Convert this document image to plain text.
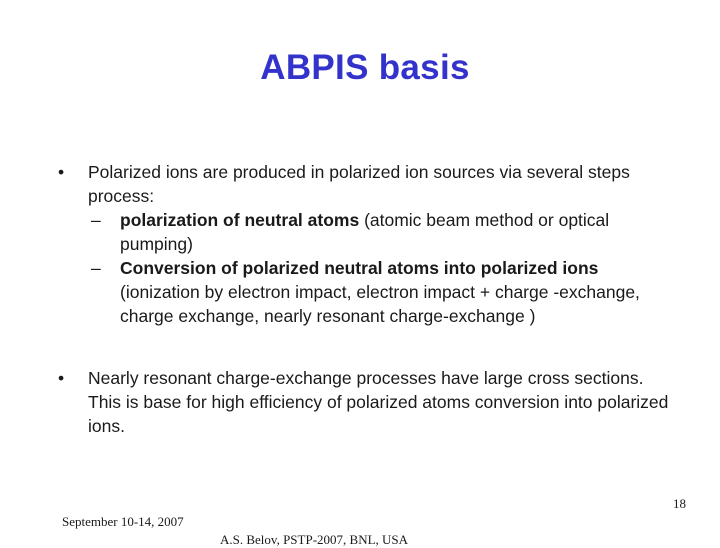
ABPIS basis
• Polarized ions are produced in polarized ion sources via several steps process:
– polarization of neutral atoms (atomic beam method or optical pumping)
– Conversion of polarized neutral atoms into polarized ions (ionization by electron impact, electron impact + charge -exchange, charge exchange, nearly resonant charge-exchange )
• Nearly resonant charge-exchange processes have large cross sections. This is base for high efficiency of polarized atoms conversion into polarized ions.
18
September 10-14, 2007
A.S. Belov, PSTP-2007, BNL, USA
